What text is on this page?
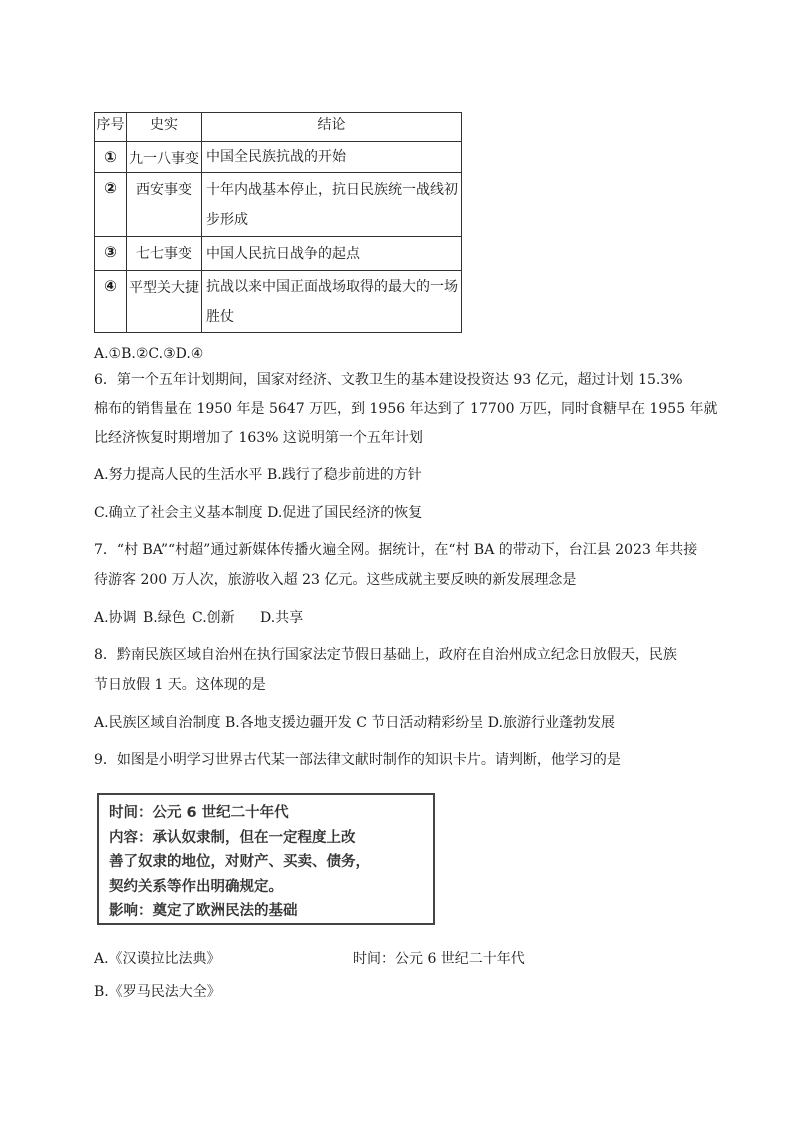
序号	史实	结论
①	九一八事变	中国全民族抗战的开始
②	西安事变	十年内战基本停止，抗日民族统一战线初步形成
③	七七事变	中国人民抗日战争的起点
④	平型关大捷	抗战以来中国正面战场取得的最大的一场胜仗
A.①B.②C.③D.④
6．第一个五年计划期间，国家对经济、文教卫生的基本建设投资达 93 亿元，超过计划 15.3%
棉布的销售量在 1950 年是 5647 万匹，到 1956 年达到了 17700 万匹，同时食糖早在 1955 年就
比经济恢复时期增加了 163% 这说明第一个五年计划
A.努力提高人民的生活水平 B.践行了稳步前进的方针
C.确立了社会主义基本制度 D.促进了国民经济的恢复
7．“村 BA”“村超”通过新媒体传播火遍全网。据统计，在“村 BA 的带动下，台江县 2023 年共接
待游客 200 万人次，旅游收入超 23 亿元。这些成就主要反映的新发展理念是
A.协调 B.绿色 C.创新 D.共享
8．黔南民族区域自治州在执行国家法定节假日基础上，政府在自治州成立纪念日放假天，民族
节日放假 1 天。这体现的是
A.民族区域自治制度 B.各地支援边疆开发 C 节日活动精彩纷呈 D.旅游行业蓬勃发展
9．如图是小明学习世界古代某一部法律文献时制作的知识卡片。请判断，他学习的是
时间：公元 6 世纪二十年代
内容：承认奴隶制，但在一定程度上改
善了奴隶的地位，对财产、买卖、债务，
契约关系等作出明确规定。
影响：奠定了欧洲民法的基础
A.《汉谟拉比法典》	时间：公元 6 世纪二十年代
B.《罗马民法大全》
